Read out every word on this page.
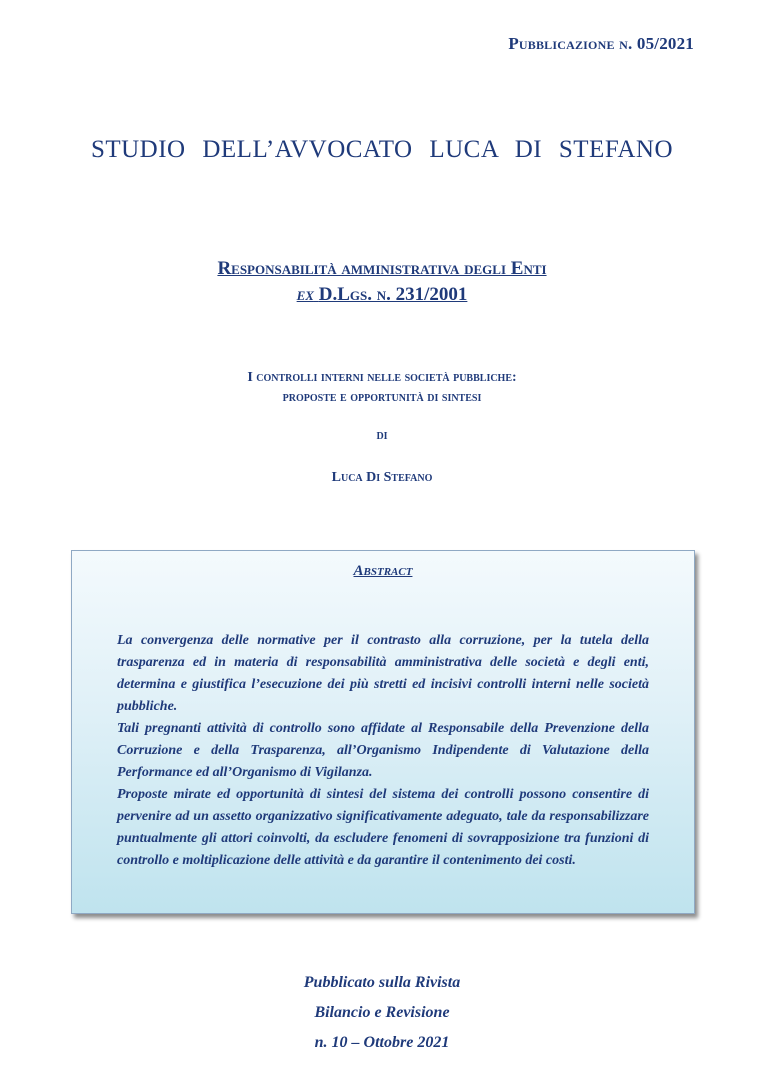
Pubblicazione n. 05/2021
STUDIO DELL’AVVOCATO LUCA DI STEFANO
Responsabilità amministrativa degli Enti
ex D.Lgs. n. 231/2001
I controlli interni nelle società pubbliche:
proposte e opportunità di sintesi
di
Luca Di Stefano
Abstract

La convergenza delle normative per il contrasto alla corruzione, per la tutela della trasparenza ed in materia di responsabilità amministrativa delle società e degli enti, determina e giustifica l’esecuzione dei più stretti ed incisivi controlli interni nelle società pubbliche.

Tali pregnanti attività di controllo sono affidate al Responsabile della Prevenzione della Corruzione e della Trasparenza, all’Organismo Indipendente di Valutazione della Performance ed all’Organismo di Vigilanza.

Proposte mirate ed opportunità di sintesi del sistema dei controlli possono consentire di pervenire ad un assetto organizzativo significativamente adeguato, tale da responsabilizzare puntualmente gli attori coinvolti, da escludere fenomeni di sovrapposizione tra funzioni di controllo e moltiplicazione delle attività e da garantire il contenimento dei costi.

Pubblicato sulla Rivista
Bilancio e Revisione
n. 10 – Ottobre 2021
